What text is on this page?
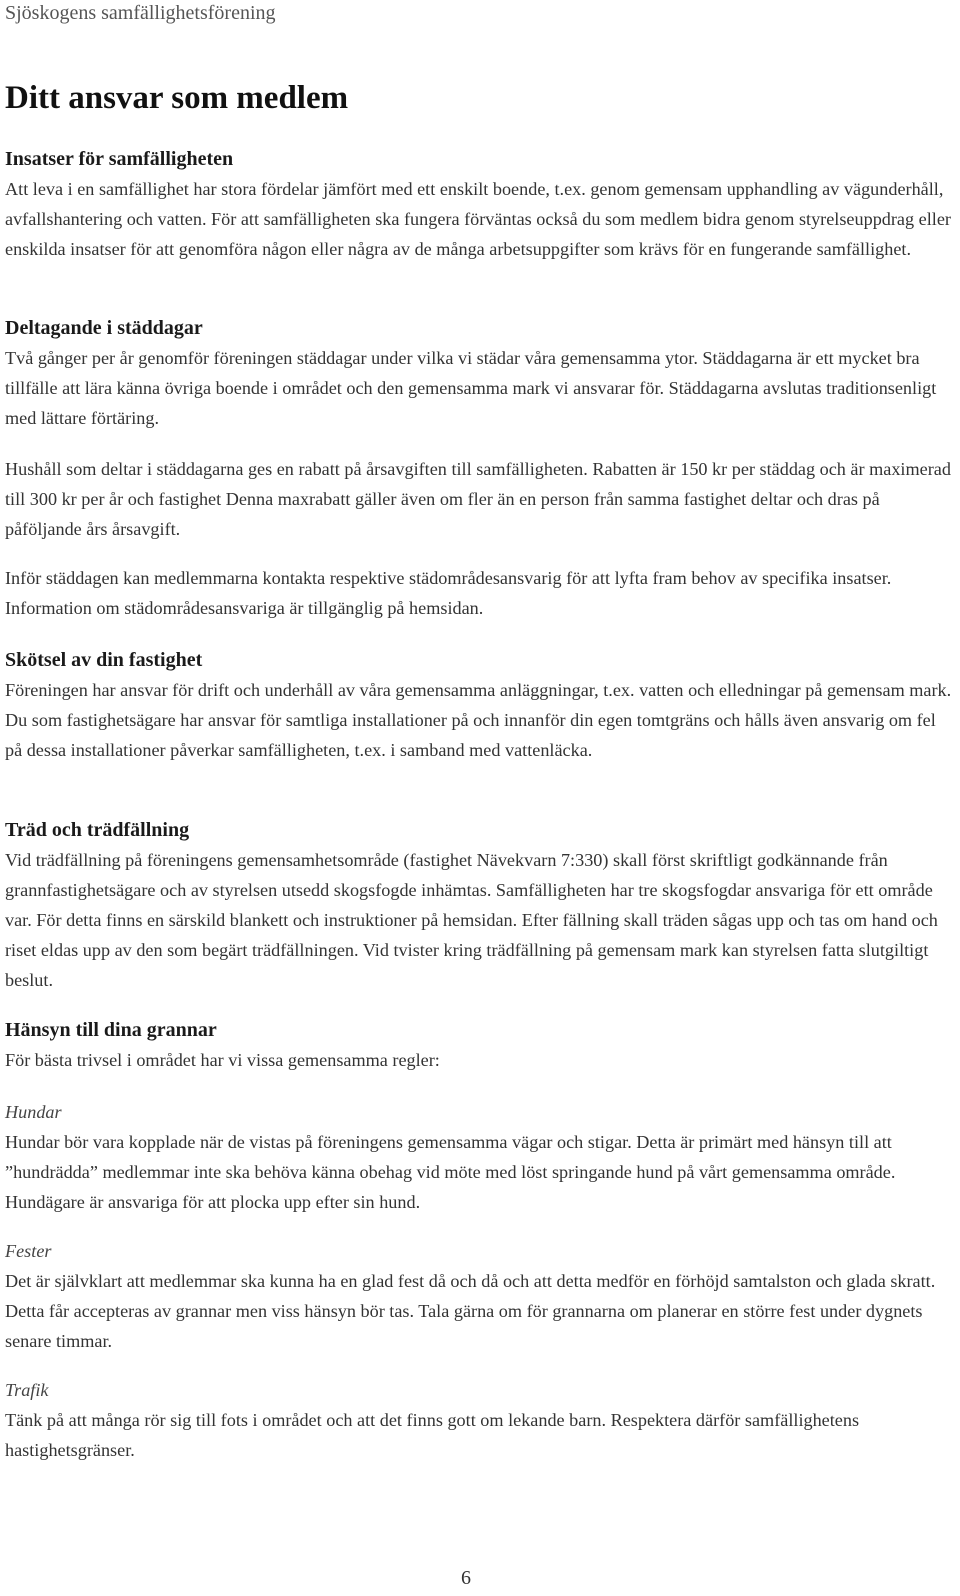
Sjöskogens samfällighetsförening
Ditt ansvar som medlem
Insatser för samfälligheten

Att leva i en samfällighet har stora fördelar jämfört med ett enskilt boende, t.ex. genom gemensam upphandling av vägunderhåll, avfallshantering och vatten. För att samfälligheten ska fungera förväntas också du som medlem bidra genom styrelseuppdrag eller enskilda insatser för att genomföra någon eller några av de många arbetsuppgifter som krävs för en fungerande samfällighet.

Deltagande i städdagar

Två gånger per år genomför föreningen städdagar under vilka vi städar våra gemensamma ytor. Städdagarna är ett mycket bra tillfälle att lära känna övriga boende i området och den gemensamma mark vi ansvarar för. Städdagarna avslutas traditionsenligt med lättare förtäring.

Hushåll som deltar i städdagarna ges en rabatt på årsavgiften till samfälligheten. Rabatten är 150 kr per städdag och är maximerad till 300 kr per år och fastighet Denna maxrabatt gäller även om fler än en person från samma fastighet deltar och dras på påföljande års årsavgift.

Inför städdagen kan medlemmarna kontakta respektive städområdesansvarig för att lyfta fram behov av specifika insatser. Information om städområdesansvariga är tillgänglig på hemsidan.

Skötsel av din fastighet

Föreningen har ansvar för drift och underhåll av våra gemensamma anläggningar, t.ex. vatten och elledningar på gemensam mark. Du som fastighetsägare har ansvar för samtliga installationer på och innanför din egen tomtgräns och hålls även ansvarig om fel på dessa installationer påverkar samfälligheten, t.ex. i samband med vattenläcka.

Träd och trädfällning

Vid trädfällning på föreningens gemensamhetsområde (fastighet Nävekvarn 7:330) skall först skriftligt godkännande från grannfastighetsägare och av styrelsen utsedd skogsfogde inhämtas. Samfälligheten har tre skogsfogdar ansvariga för ett område var. För detta finns en särskild blankett och instruktioner på hemsidan. Efter fällning skall träden sågas upp och tas om hand och riset eldas upp av den som begärt trädfällningen. Vid tvister kring trädfällning på gemensam mark kan styrelsen fatta slutgiltigt beslut.

Hänsyn till dina grannar

För bästa trivsel i området har vi vissa gemensamma regler:

Hundar

Hundar bör vara kopplade när de vistas på föreningens gemensamma vägar och stigar. Detta är primärt med hänsyn till att ”hundrädda” medlemmar inte ska behöva känna obehag vid möte med löst springande hund på vårt gemensamma område. Hundägare är ansvariga för att plocka upp efter sin hund.

Fester

Det är självklart att medlemmar ska kunna ha en glad fest då och då och att detta medför en förhöjd samtalston och glada skratt. Detta får accepteras av grannar men viss hänsyn bör tas. Tala gärna om för grannarna om planerar en större fest under dygnets senare timmar.

Trafik

Tänk på att många rör sig till fots i området och att det finns gott om lekande barn. Respektera därför samfällighetens hastighetsgränser.

6
